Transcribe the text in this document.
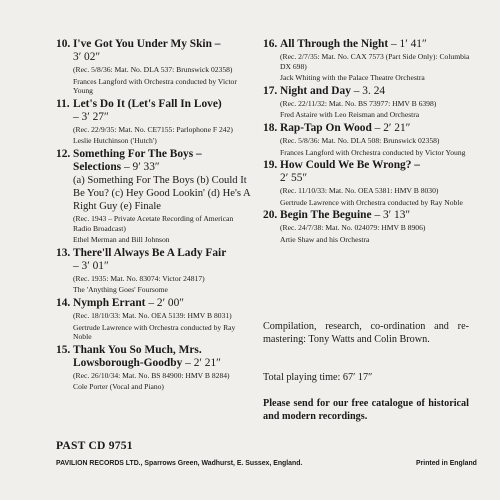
10. I've Got You Under My Skin –
3′ 02″
(Rec. 5/8/36: Mat. No. DLA 537: Brunswick 02358)
Frances Langford with Orchestra conducted by Victor Young
11. Let's Do It (Let's Fall In Love)
– 3′ 27″
(Rec. 22/9/35: Mat. No. CE7155: Parlophone F 242)
Leslie Hutchinson ('Hutch')
12. Something For The Boys –
Selections – 9′ 33″
(a) Something For The Boys (b) Could It Be You? (c) Hey Good Lookin' (d) He's A Right Guy (e) Finale
(Rec. 1943 – Private Acetate Recording of American Radio Broadcast)
Ethel Merman and Bill Johnson
13. There'll Always Be A Lady Fair
– 3′ 01″
(Rec. 1935: Mat. No. 83074: Victor 24817)
The 'Anything Goes' Foursome
14. Nymph Errant – 2′ 00″
(Rec. 18/10/33: Mat. No. OEA 5139: HMV B 8031)
Gertrude Lawrence with Orchestra conducted by Ray Noble
15. Thank You So Much, Mrs.
Lowsborough-Goodby – 2′ 21″
(Rec. 26/10/34: Mat. No. BS 84900: HMV B 8284)
Cole Porter (Vocal and Piano)
16. All Through the Night – 1′ 41″
(Rec. 2/7/35: Mat. No. CAX 7573 (Part Side Only): Columbia DX 698)
Jack Whiting with the Palace Theatre Orchestra
17. Night and Day – 3. 24
(Rec. 22/11/32: Mat. No. BS 73977: HMV B 6398)
Fred Astaire with Leo Reisman and Orchestra
18. Rap-Tap On Wood – 2′ 21″
(Rec. 5/8/36: Mat. No. DLA 508: Brunswick 02358)
Frances Langford with Orchestra conducted by Victor Young
19. How Could We Be Wrong? –
2′ 55″
(Rec. 11/10/33: Mat. No. OEA 5381: HMV B 8030)
Gertrude Lawrence with Orchestra conducted by Ray Noble
20. Begin The Beguine – 3′ 13″
(Rec. 24/7/38: Mat. No. 024079: HMV B 8906)
Artie Shaw and his Orchestra
Compilation, research, co-ordination and re-mastering: Tony Watts and Colin Brown.
Total playing time: 67′ 17″
Please send for our free catalogue of historical and modern recordings.
PAST CD 9751
PAVILION RECORDS LTD., Sparrows Green, Wadhurst, E. Sussex, England.	Printed in England
